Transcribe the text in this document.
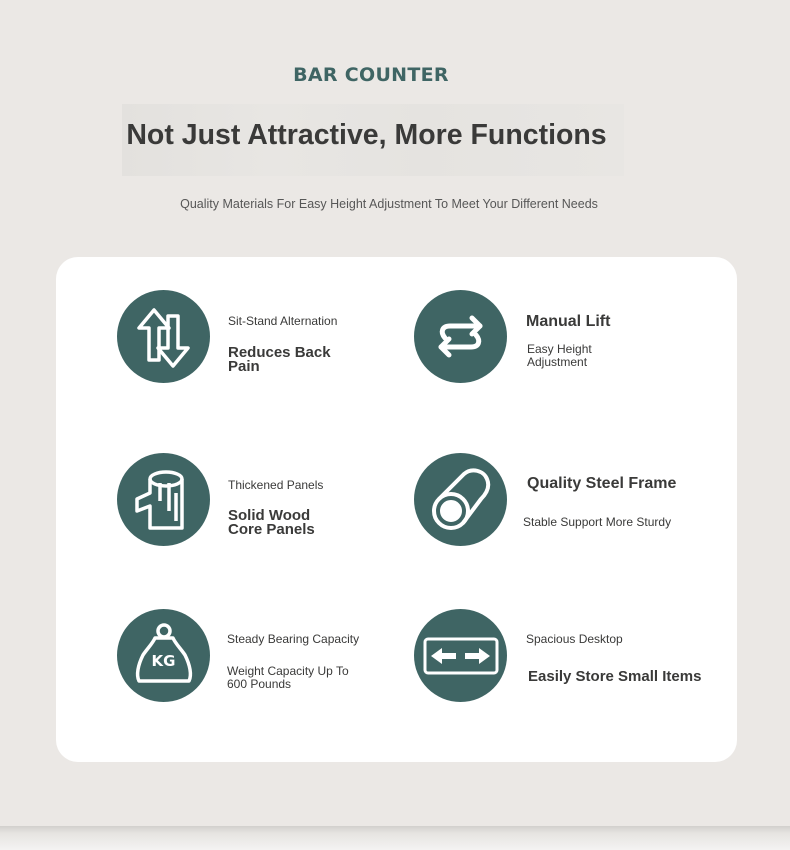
BAR COUNTER
Not Just Attractive, More Functions
Quality Materials For Easy Height Adjustment To Meet Your Different Needs
Sit-Stand Alternation
Reduces Back Pain
Manual Lift
Easy Height Adjustment
Thickened Panels
Solid Wood Core Panels
Quality Steel Frame
Stable Support More Sturdy
KG
Steady Bearing Capacity
Weight Capacity Up To 600 Pounds
Spacious Desktop
Easily Store Small Items
